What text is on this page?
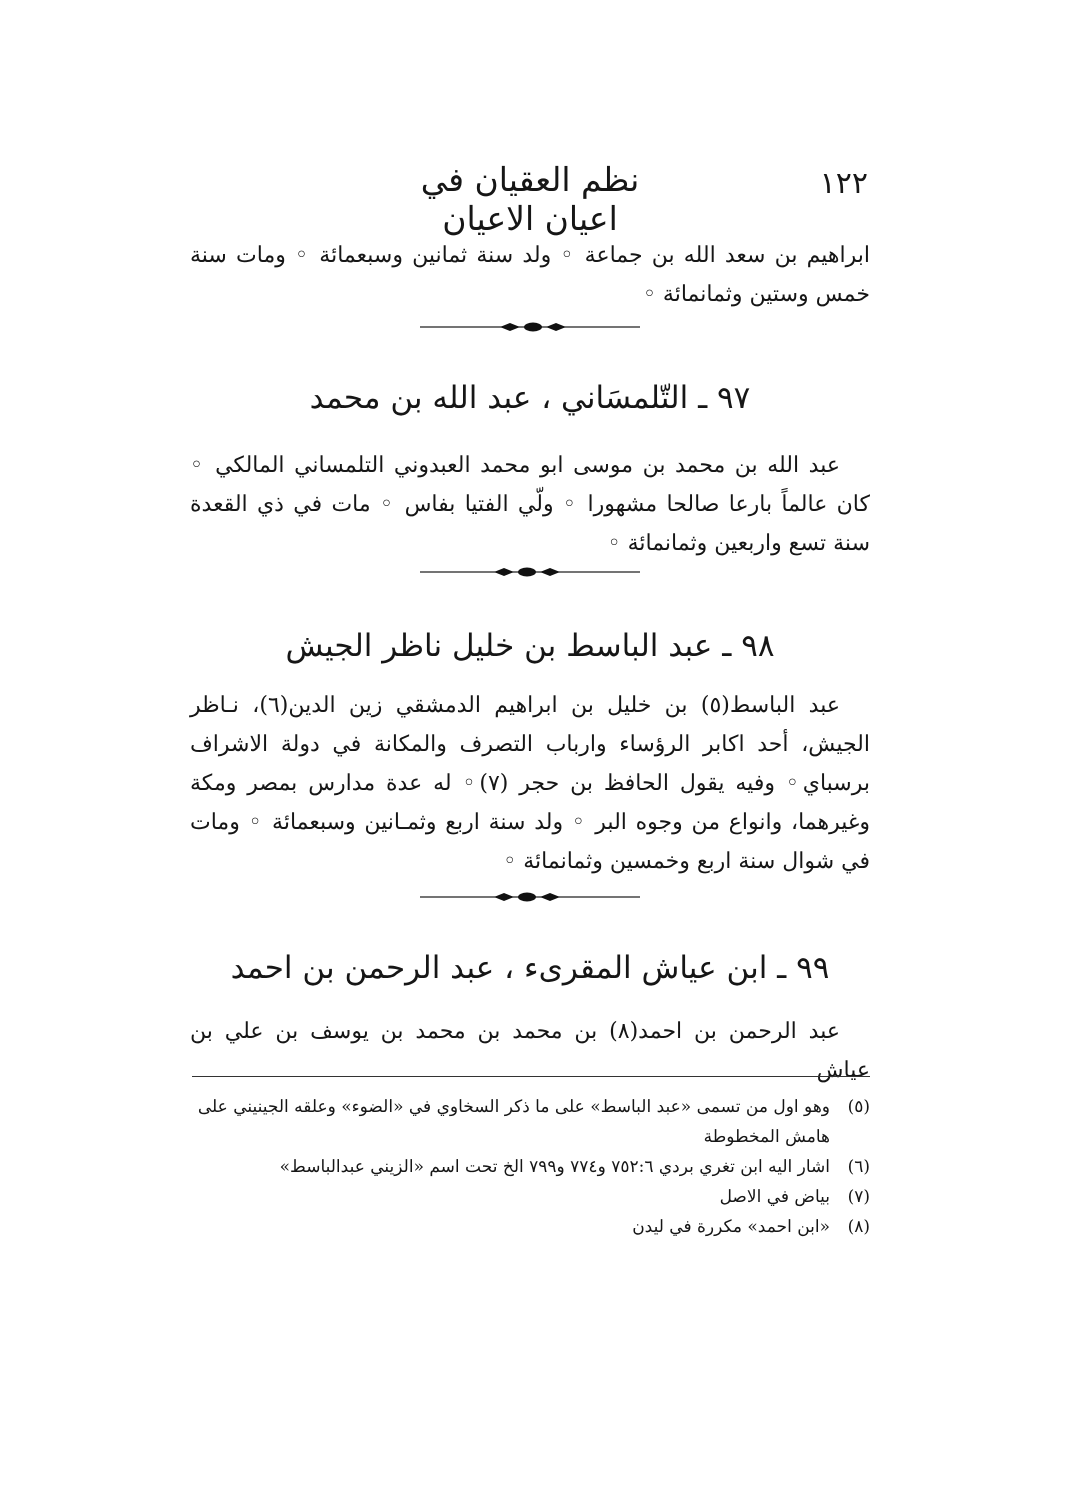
١٢٢
نظم العقيان في اعيان الاعيان

ابراهيم بن سعد الله بن جماعة ◦ ولد سنة ثمانين وسبعمائة ◦ ومات سنة خمس وستين وثمانمائة ◦

٩٧ ـ التّلمسَاني ، عبد الله بن محمد

عبد الله بن محمد بن موسى ابو محمد العبدوني التلمساني المالكي ◦ كان عالماً بارعا صالحا مشهورا ◦ ولّي الفتيا بفاس ◦ مات في ذي القعدة سنة تسع واربعين وثمانمائة ◦

٩٨ ـ عبد الباسط بن خليل ناظر الجيش

عبد الباسط(٥) بن خليل بن ابراهيم الدمشقي زين الدين(٦)، نـاظر الجيش، أحد اكابر الرؤساء وارباب التصرف والمكانة في دولة الاشراف برسباي◦ وفيه يقول الحافظ بن حجر (٧)◦ له عدة مدارس بمصر ومكة وغيرهما، وانواع من وجوه البر ◦ ولد سنة اربع وثمـانين وسبعمائة ◦ ومات في شوال سنة اربع وخمسين وثمانمائة ◦

٩٩ ـ ابن عياش المقرىء ، عبد الرحمن بن احمد

عبد الرحمن بن احمد(٨) بن محمد بن محمد بن يوسف بن علي بن عياش

(٥)وهو اول من تسمى «عبد الباسط» على ما ذكر السخاوي في «الضوء» وعلقه الجينيني على هامش المخطوطة

(٦)اشار اليه ابن تغري بردي ٧٥٢:٦ و٧٧٤ و٧٩٩ الخ تحت اسم «الزيني عبدالباسط»

(٧)بياض في الاصل

(٨)«ابن احمد» مكررة في ليدن
